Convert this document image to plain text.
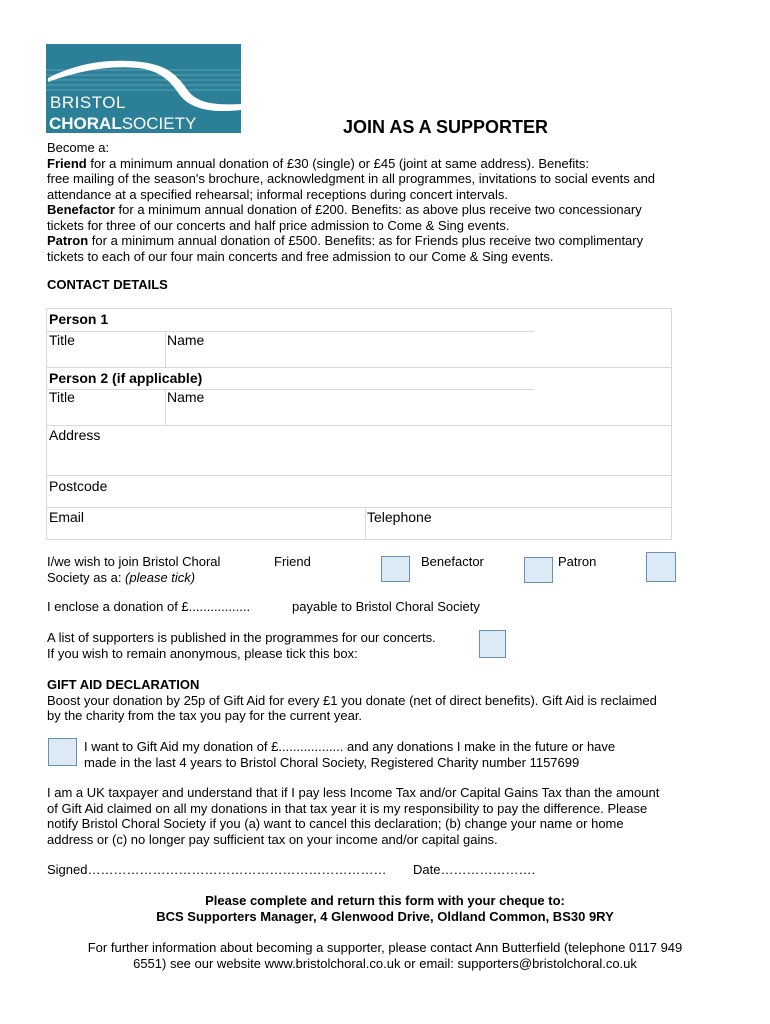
BRISTOL
CHORALSOCIETY	JOIN AS A SUPPORTER
Become a:
Friend for a minimum annual donation of £30 (single) or £45 (joint at same address). Benefits:
free mailing of the season's brochure, acknowledgment in all programmes, invitations to social events and
attendance at a specified rehearsal; informal receptions during concert intervals.
Benefactor for a minimum annual donation of £200. Benefits: as above plus receive two concessionary
tickets for three of our concerts and half price admission to Come & Sing events.
Patron for a minimum annual donation of £500. Benefits: as for Friends plus receive two complimentary
tickets to each of our four main concerts and free admission to our Come & Sing events.
CONTACT DETAILS
Person 1
Title	Name
Person 2 (if applicable)
Title	Name
Address
Postcode
Email	Telephone
I/we wish to join Bristol Choral
Society as a: (please tick)
Friend	Benefactor	Patron
I enclose a donation of £.................	payable to Bristol Choral Society
A list of supporters is published in the programmes for our concerts.
If you wish to remain anonymous, please tick this box:
GIFT AID DECLARATION
Boost your donation by 25p of Gift Aid for every £1 you donate (net of direct benefits). Gift Aid is reclaimed
by the charity from the tax you pay for the current year.
I want to Gift Aid my donation of £.................. and any donations I make in the future or have
made in the last 4 years to Bristol Choral Society, Registered Charity number 1157699
I am a UK taxpayer and understand that if I pay less Income Tax and/or Capital Gains Tax than the amount
of Gift Aid claimed on all my donations in that tax year it is my responsibility to pay the difference. Please
notify Bristol Choral Society if you (a) want to cancel this declaration; (b) change your name or home
address or (c) no longer pay sufficient tax on your income and/or capital gains.
Signed…………………………………………………………… Date………………….
Please complete and return this form with your cheque to:
BCS Supporters Manager, 4 Glenwood Drive, Oldland Common, BS30 9RY
For further information about becoming a supporter, please contact Ann Butterfield (telephone 0117 949
6551) see our website www.bristolchoral.co.uk or email: supporters@bristolchoral.co.uk
